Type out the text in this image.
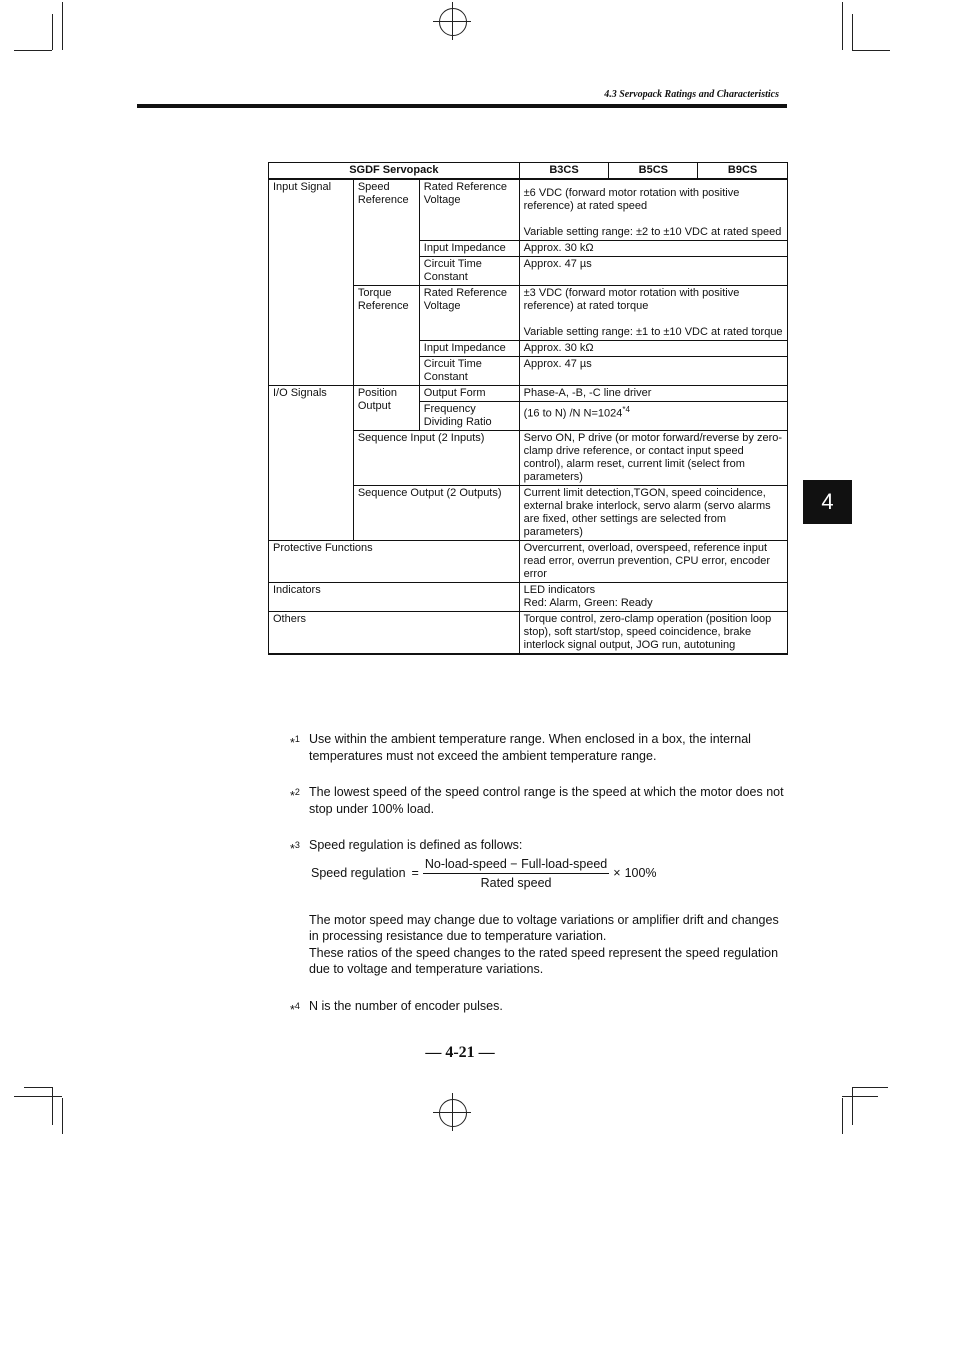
4.3 Servopack Ratings and Characteristics
4
SGDF Servopack			B3CS	B5CS	B9CS
Input Signal	Speed Reference	Rated Reference Voltage	±6 VDC (forward motor rotation with positive reference) at rated speed
Variable setting range: ±2 to ±10 VDC at rated speed		

		Input Impedance	Approx. 30 kΩ		
		Circuit Time Constant	Approx. 47 µs		
	Torque Reference	Rated Reference Voltage	±3 VDC (forward motor rotation with positive reference) at rated torque
Variable setting range: ±1 to ±10 VDC at rated torque		

		Input Impedance	Approx. 30 kΩ		
		Circuit Time Constant	Approx. 47 µs		
I/O Signals	Position Output	Output Form	Phase-A, -B, -C line driver		
		Frequency Dividing Ratio	(16 to N) /N $N=1024^{*4}$
	Sequence Input (2 Inputs)		Servo ON, P drive (or motor forward/reverse by zero-clamp drive reference, or contact input speed control), alarm reset, current limit (select from parameters)		
	Sequence Output (2 Outputs)		Current limit detection,TGON, speed coincidence, external brake interlock, servo alarm (servo alarms are fixed, other settings are selected from parameters)		
Protective Functions			Overcurrent, overload, overspeed, reference input read error, overrun prevention, CPU error, encoder error		
Indicators			LED indicators
Red: Alarm, Green: Ready		

Others			Torque control, zero-clamp operation (position loop stop), soft start/stop, speed coincidence, brake interlock signal output, JOG run, autotuning		
*$^1$ Use within the ambient temperature range. When enclosed in a box, the internal temperatures must not exceed the ambient temperature range.
*$^2$ The lowest speed of the speed control range is the speed at which the motor does not stop under 100% load.
*$^3$ Speed regulation is defined as follows:
Speed regulation = $\frac{\text{No-load-speed − Full-load-speed}}{\text{Rated speed}} \times 100\%$
The motor speed may change due to voltage variations or amplifier drift and changes in processing resistance due to temperature variation.
These ratios of the speed changes to the rated speed represent the speed regulation due to voltage and temperature variations.
*$^4$ N is the number of encoder pulses.
— 4-21 —
